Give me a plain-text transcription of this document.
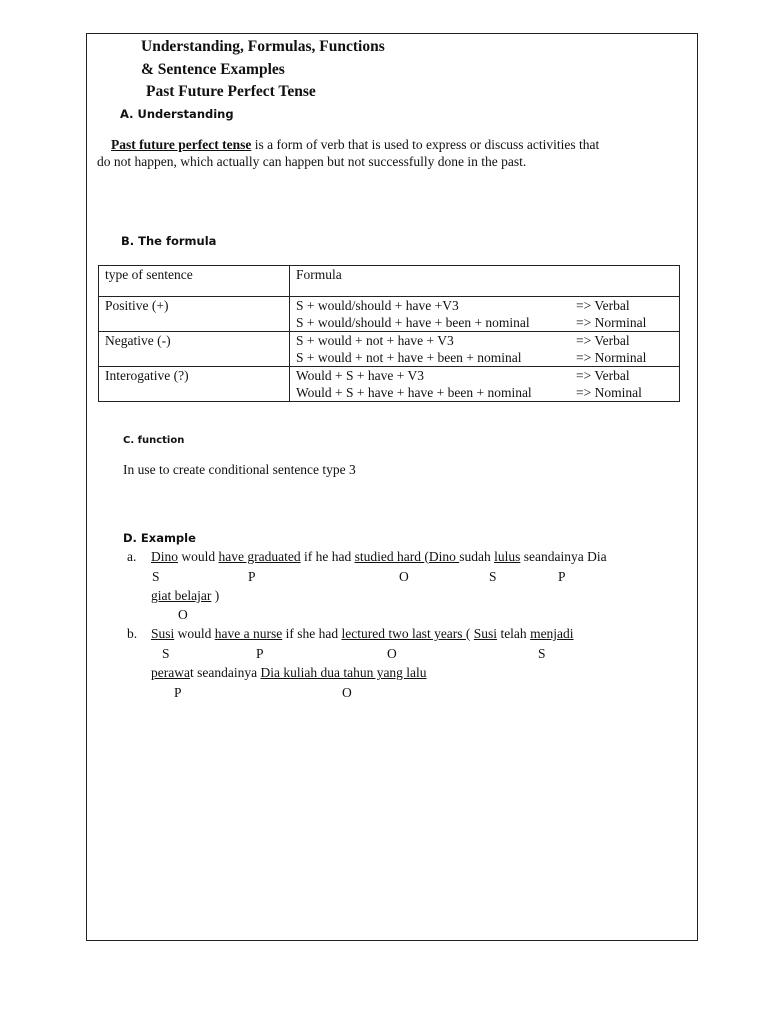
Understanding, Formulas, Functions
& Sentence Examples
Past Future Perfect Tense
A. Understanding
Past future perfect tense is a form of verb that is used to express or discuss activities that
do not happen, which actually can happen but not successfully done in the past.
B. The formula
type of sentence	Formula
Positive (+)	S + would/should + have +V3 => Verbal
S + would/should + have + been + nominal => Norminal

Negative (-)	S + would + not + have + V3 => Verbal
S + would + not + have + been + nominal => Norminal

Interogative (?)	Would + S + have + V3 => Verbal
Would + S + have + have + been + nominal => Nominal
C. function
In use to create conditional sentence type 3
D. Example
a. Dino would have graduated if he had studied hard (Dino sudah lulus seandainya Dia
S	P	O	S	P
giat belajar )
O
b. Susi would have a nurse if she had lectured two last years ( Susi telah menjadi
S	P	O	S
perawat seandainya Dia kuliah dua tahun yang lalu
P	O
